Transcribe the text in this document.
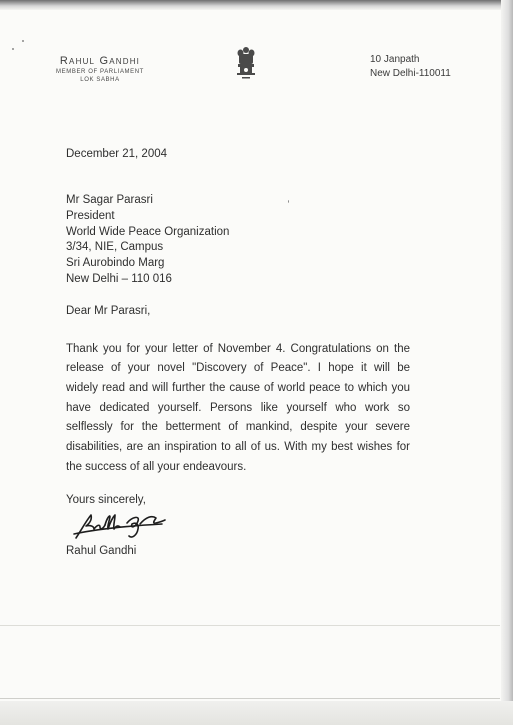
Rahul Gandhi
MEMBER OF PARLIAMENT
LOK SABHA
10 Janpath
New Delhi-110011
December 21, 2004
Mr Sagar Parasri
President
World Wide Peace Organization
3/34, NIE, Campus
Sri Aurobindo Marg
New Delhi – 110 016
Dear Mr Parasri,
Thank you for your letter of November 4. Congratulations on the
release of your novel "Discovery of Peace". I hope it will be
widely read and will further the cause of world peace to which you
have dedicated yourself. Persons like yourself who work so
selflessly for the betterment of mankind, despite your severe
disabilities, are an inspiration to all of us. With my best wishes for
the success of all your endeavours.
Yours sincerely,
Rahul Gandhi
